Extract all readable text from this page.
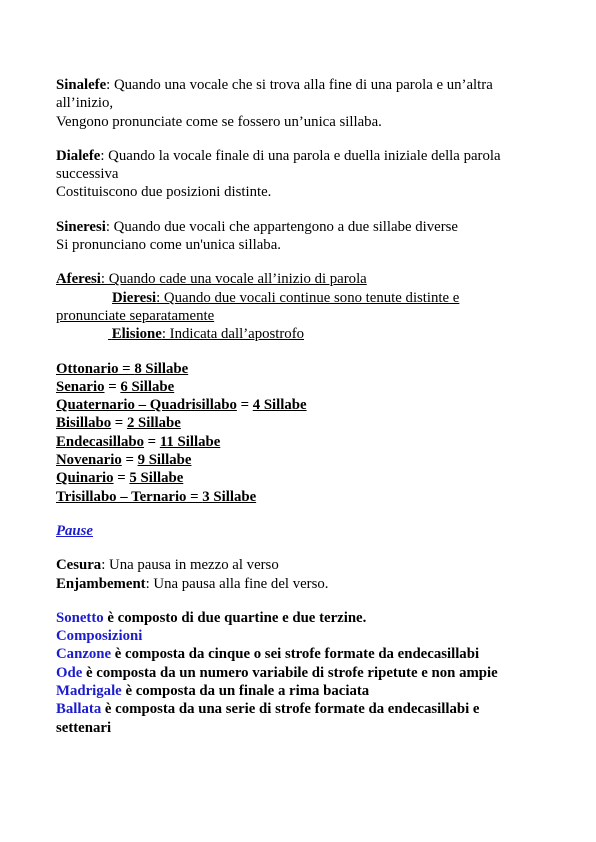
Sinalefe: Quando una vocale che si trova alla fine di una parola e un’altra
all’inizio,
Vengono pronunciate come se fossero un’unica sillaba.
Dialefe: Quando la vocale finale di una parola e duella iniziale della parola
successiva
Costituiscono due posizioni distinte.
Sineresi: Quando due vocali che appartengono a due sillabe diverse
Si pronunciano come un'unica sillaba.
Aferesi: Quando cade una vocale all’inizio di parola
Dieresi: Quando due vocali continue sono tenute distinte e
pronunciate separatamente
Elisione: Indicata dall’apostrofo
Ottonario = 8 Sillabe
Senario = 6 Sillabe
Quaternario – Quadrisillabo = 4 Sillabe
Bisillabo = 2 Sillabe
Endecasillabo = 11 Sillabe
Novenario = 9 Sillabe
Quinario = 5 Sillabe
Trisillabo – Ternario = 3 Sillabe
Pause
Cesura: Una pausa in mezzo al verso
Enjambement: Una pausa alla fine del verso.
Sonetto è composto di due quartine e due terzine.
Composizioni
Canzone è composta da cinque o sei strofe formate da endecasillabi
Ode è composta da un numero variabile di strofe ripetute e non ampie
Madrigale è composta da un finale a rima baciata
Ballata è composta da una serie di strofe formate da endecasillabi e
settenari
